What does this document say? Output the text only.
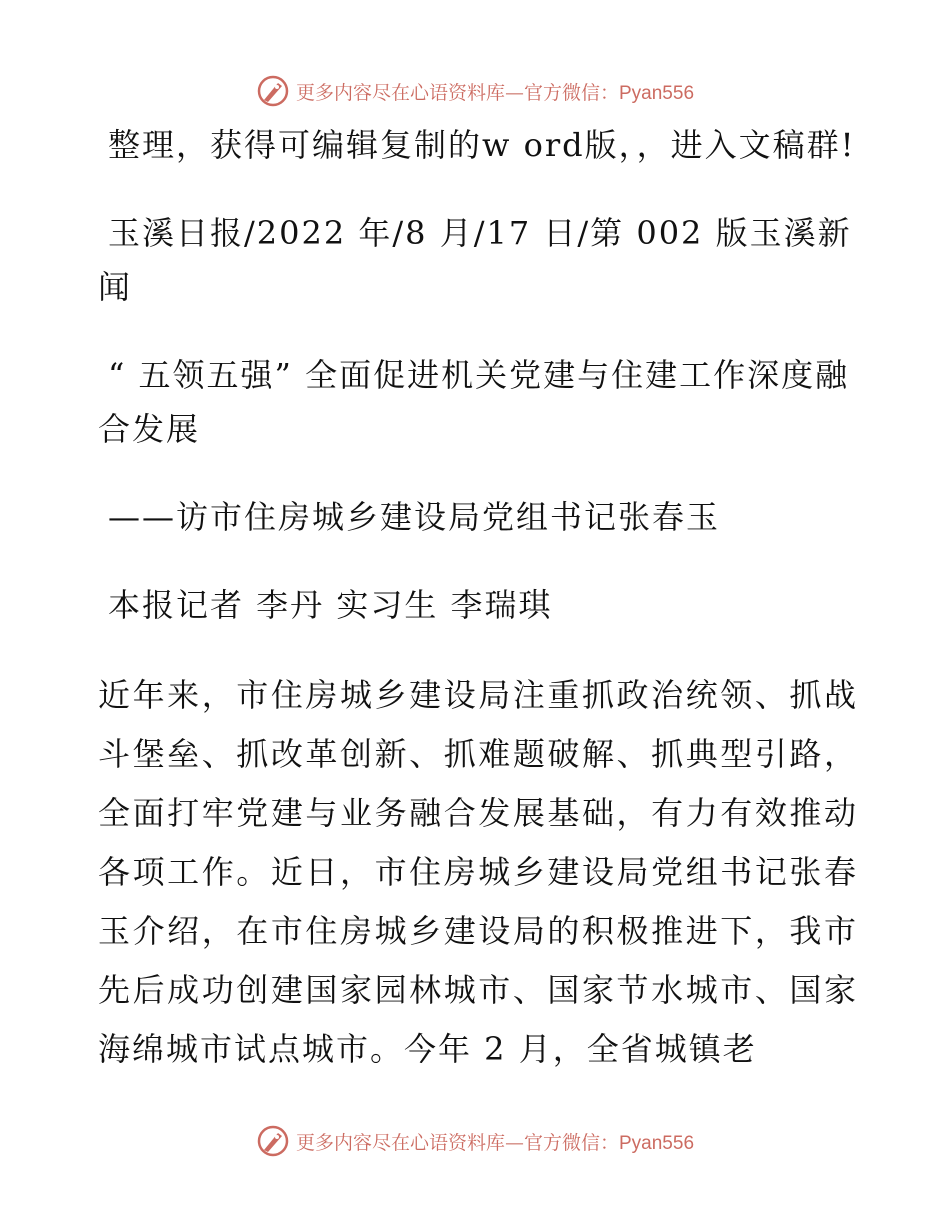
更多内容尽在心语资料库—官方微信：Pyan556

整理，获得可编辑复制的w ord版，，进入文稿群!

玉溪日报/2022 年/8 月/17 日/第 002 版玉溪新闻

“ 五领五强” 全面促进机关党建与住建工作深度融合发展

——访市住房城乡建设局党组书记张春玉

本报记者 李丹 实习生 李瑞琪

近年来，市住房城乡建设局注重抓政治统领、抓战斗堡垒、抓改革创新、抓难题破解、抓典型引路，全面打牢党建与业务融合发展基础，有力有效推动各项工作。近日，市住房城乡建设局党组书记张春玉介绍，在市住房城乡建设局的积极推进下，我市先后成功创建国家园林城市、国家节水城市、国家海绵城市试点城市。今年 2 月，全省城镇老

更多内容尽在心语资料库—官方微信：Pyan556
